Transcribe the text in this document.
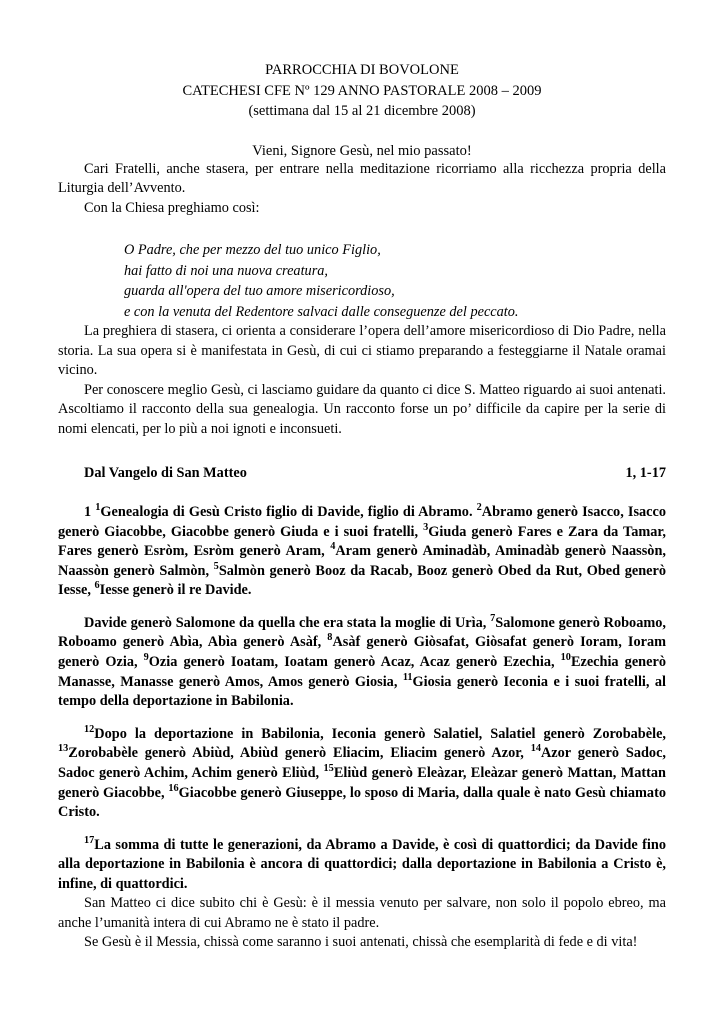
PARROCCHIA DI BOVOLONE
CATECHESI CFE Nº 129 ANNO PASTORALE 2008 – 2009
(settimana dal 15 al 21 dicembre 2008)
Vieni, Signore Gesù, nel mio passato!

Cari Fratelli, anche stasera, per entrare nella meditazione ricorriamo alla ricchezza propria della Liturgia dell’Avvento.

Con la Chiesa preghiamo così:

O Padre, che per mezzo del tuo unico Figlio,
hai fatto di noi una nuova creatura,
guarda all'opera del tuo amore misericordioso,
e con la venuta del Redentore salvaci dalle conseguenze del peccato.

La preghiera di stasera, ci orienta a considerare l’opera dell’amore misericordioso di Dio Padre, nella storia. La sua opera si è manifestata in Gesù, di cui ci stiamo preparando a festeggiarne il Natale oramai vicino.

Per conoscere meglio Gesù, ci lasciamo guidare da quanto ci dice S. Matteo riguardo ai suoi antenati. Ascoltiamo il racconto della sua genealogia. Un racconto forse un po’ difficile da capire per la serie di nomi elencati, per lo più a noi ignoti e inconsueti.

Dal Vangelo di San Matteo	1, 1-17

1 $^1$Genealogia di Gesù Cristo figlio di Davide, figlio di Abramo. $^2$Abramo generò Isacco, Isacco generò Giacobbe, Giacobbe generò Giuda e i suoi fratelli, $^3$Giuda generò Fares e Zara da Tamar, Fares generò Esròm, Esròm generò Aram, $^4$Aram generò Aminadàb, Aminadàb generò Naassòn, Naassòn generò Salmòn, $^5$Salmòn generò Booz da Racab, Booz generò Obed da Rut, Obed generò Iesse, $^6$Iesse generò il re Davide.

Davide generò Salomone da quella che era stata la moglie di Urìa, $^7$Salomone generò Roboamo, Roboamo generò Abìa, Abìa generò Asàf, $^8$Asàf generò Giòsafat, Giòsafat generò Ioram, Ioram generò Ozia, $^9$Ozia generò Ioatam, Ioatam generò Acaz, Acaz generò Ezechia, $^{10}$Ezechia generò Manasse, Manasse generò Amos, Amos generò Giosia, $^{11}$Giosia generò Ieconia e i suoi fratelli, al tempo della deportazione in Babilonia.

$^{12}$Dopo la deportazione in Babilonia, Ieconia generò Salatiel, Salatiel generò Zorobabèle, $^{13}$Zorobabèle generò Abiùd, Abiùd generò Eliacim, Eliacim generò Azor, $^{14}$Azor generò Sadoc, Sadoc generò Achim, Achim generò Eliùd, $^{15}$Eliùd generò Eleàzar, Eleàzar generò Mattan, Mattan generò Giacobbe, $^{16}$Giacobbe generò Giuseppe, lo sposo di Maria, dalla quale è nato Gesù chiamato Cristo.

$^{17}$La somma di tutte le generazioni, da Abramo a Davide, è così di quattordici; da Davide fino alla deportazione in Babilonia è ancora di quattordici; dalla deportazione in Babilonia a Cristo è, infine, di quattordici.

San Matteo ci dice subito chi è Gesù: è il messia venuto per salvare, non solo il popolo ebreo, ma anche l’umanità intera di cui Abramo ne è stato il padre.

Se Gesù è il Messia, chissà come saranno i suoi antenati, chissà che esemplarità di fede e di vita!
